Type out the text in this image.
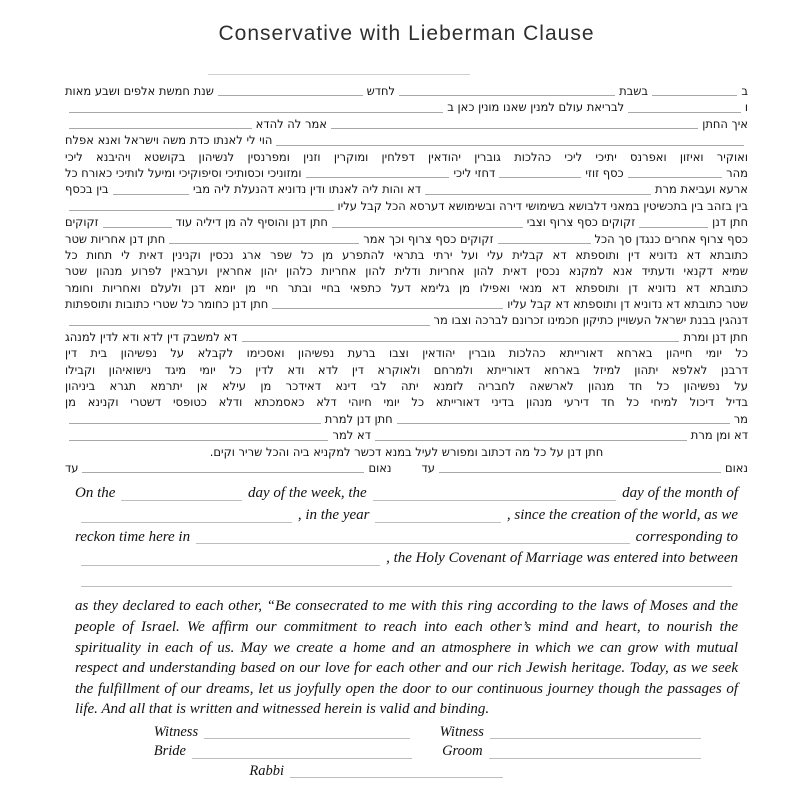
Conservative with Lieberman Clause
ב
בשבת
לחדש
שנת חמשת אלפים ושבע מאות
ו
לבריאת עולם למנין שאנו מונין כאן ב
איך החתן
אמר לה להדא
הוי לי לאנתו כדת משה וישראל ואנא אפלח
ואוקיר ואיזון ואפרנס יתיכי ליכי כהלכות גוברין יהודאין דפלחין ומוקרין וזנין ומפרנסין לנשיהון בקושטא ויהיבנא ליכי
מהר
כסף זוזי
דחזי ליכי
ומזוניכי וכסותיכי וסיפוקיכי ומיעל לותיכי כאורח כל
ארעא ועביאת מרת
דא והות ליה לאנתו ודין נדוניא דהנעלת ליה מבי
בין בכסף
בין בזהב בין בתכשיטין במאני דלבושא בשימושי דירה ובשימושא דערסא הכל קבל עליו
חתן דנן
זקוקים כסף צרוף וצבי
חתן דנן והוסיף לה מן דיליה עוד
זקוקים
כסף צרוף אחרים כנגדן סך הכל
זקוקים כסף צרוף וכך אמר
חתן דנן אחריות שטר
כתובתא דא נדוניא דין ותוספתא דא קבלית עלי ועל ירתי בתראי להתפרע מן כל שפר ארג נכסין וקנינין דאית לי תחות כל
שמיא דקנאי ודעתיד אנא למקנא נכסין דאית להון אחריות ודלית להון אחריות כלהון יהון אחראין וערבאין לפרוע מנהון שטר
כתובתא דא נדוניא דן ותוספתא דא מנאי ואפילו מן גלימא דעל כתפאי בחיי ובתר חיי מן יומא דנן ולעלם ואחריות וחומר
שטר כתובתא דא נדוניא דן ותוספתא דא קבל עליו
חתן דנן כחומר כל שטרי כתובות ותוספתות
דנהגין בבנת ישראל העשויין כתיקון חכמינו זכרונם לברכה וצבו מר
חתן דנן ומרת
דא למשבק דין לדא ודא לדין למנהג
כל יומי חייהון בארחא דאורייתא כהלכות גוברין יהודאין וצבו ברעת נפשיהון ואסכימו לקבלא על נפשיהון בית דין
דרבנן לאלפא יתהון למיזל בארחא דאורייתא ולמרחם ולאוקרא דין לדא ודא לדין כל יומי מיגד נישואיהון וקבילו
על נפשיהון כל חד מנהון לארשאה לחבריה לזמנא יתה לבי דינא דאידכר מן עילא אן יתרמא תגרא ביניהון
בדיל דיכול למיחי כל חד דירעי מנהון בדיני דאורייתא כל יומי חיוהי דלא כאסמכתא ודלא כטופסי דשטרי וקנינא מן
מר
חתן דנן למרת
דא ומן מרת
דא למר
חתן דנן על כל מה דכתוב ומפורש לעיל במנא דכשר למקניא ביה והכל שריר וקים.
נאום
עד
נאום
עד
On the	day of the week, the	day of the month of
, in the year	, since the creation of the world, as we
reckon time here in	corresponding to
, the Holy Covenant of Marriage was entered into between
as they declared to each other, “Be consecrated to me with this ring according to the laws of Moses and the people of Israel. We affirm our commitment to reach into each other’s mind and heart, to nourish the spirituality in each of us. May we create a home and an atmosphere in which we can grow with mutual respect and understanding based on our love for each other and our rich Jewish heritage. Today, as we seek the fulfillment of our dreams, let us joyfully open the door to our continuous journey though the passages of life. And all that is written and witnessed herein is valid and binding.
Witness	Witness
Bride	Groom
Rabbi
